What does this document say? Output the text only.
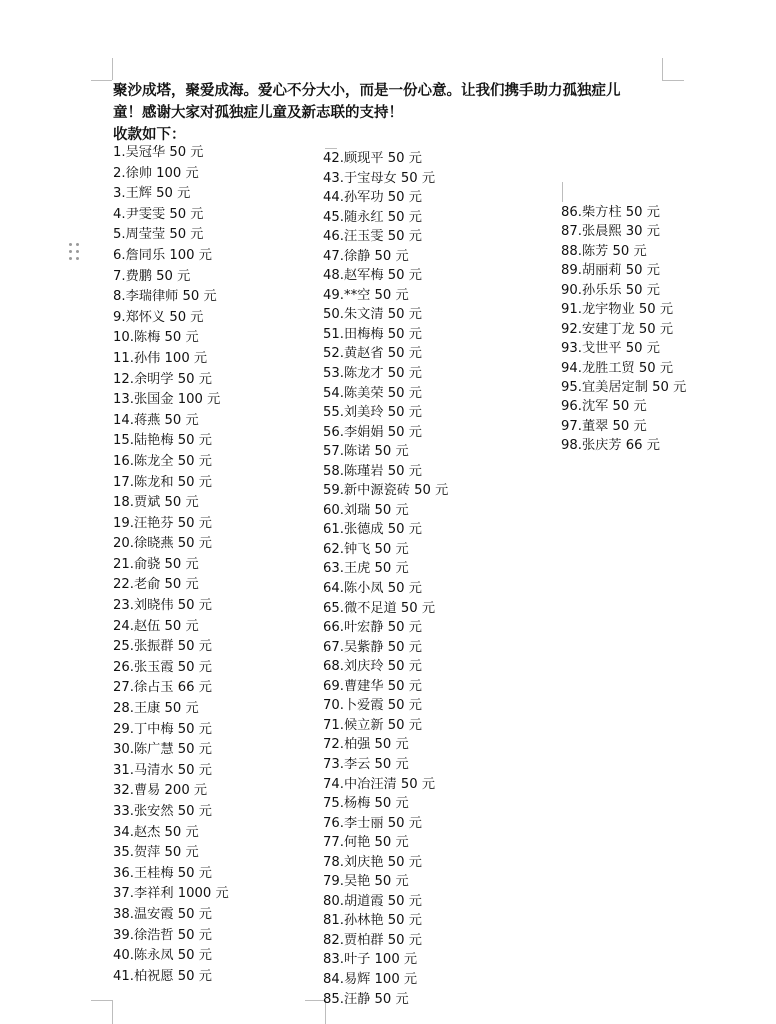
聚沙成塔，聚爱成海。爱心不分大小，而是一份心意。让我们携手助力孤独症儿

童！感谢大家对孤独症儿童及新志联的支持！

收款如下：

1.吴冠华 50 元
2.徐帅 100 元
3.王辉 50 元
4.尹雯雯 50 元
5.周莹莹 50 元
6.詹同乐 100 元
7.费鹏 50 元
8.李瑞律师 50 元
9.郑怀义 50 元
10.陈梅 50 元
11.孙伟 100 元
12.余明学 50 元
13.张国金 100 元
14.蒋燕 50 元
15.陆艳梅 50 元
16.陈龙全 50 元
17.陈龙和 50 元
18.贾斌 50 元
19.汪艳芬 50 元
20.徐晓燕 50 元
21.俞骁 50 元
22.老俞 50 元
23.刘晓伟 50 元
24.赵伍 50 元
25.张振群 50 元
26.张玉霞 50 元
27.徐占玉 66 元
28.王康 50 元
29.丁中梅 50 元
30.陈广慧 50 元
31.马清水 50 元
32.曹易 200 元
33.张安然 50 元
34.赵杰 50 元
35.贺萍 50 元
36.王桂梅 50 元
37.李祥利 1000 元
38.温安霞 50 元
39.徐浩哲 50 元
40.陈永凤 50 元
41.柏祝愿 50 元
42.顾现平 50 元
43.于宝母女 50 元
44.孙军功 50 元
45.随永红 50 元
46.汪玉雯 50 元
47.徐静 50 元
48.赵军梅 50 元
49.**空 50 元
50.朱文清 50 元
51.田梅梅 50 元
52.黄赵省 50 元
53.陈龙才 50 元
54.陈美荣 50 元
55.刘美玲 50 元
56.李娟娟 50 元
57.陈诺 50 元
58.陈瑾岩 50 元
59.新中源瓷砖 50 元
60.刘瑞 50 元
61.张德成 50 元
62.钟飞 50 元
63.王虎 50 元
64.陈小凤 50 元
65.微不足道 50 元
66.叶宏静 50 元
67.吴紫静 50 元
68.刘庆玲 50 元
69.曹建华 50 元
70.卜爱霞 50 元
71.候立新 50 元
72.柏强 50 元
73.李云 50 元
74.中冶汪清 50 元
75.杨梅 50 元
76.李士丽 50 元
77.何艳 50 元
78.刘庆艳 50 元
79.吴艳 50 元
80.胡道霞 50 元
81.孙林艳 50 元
82.贾柏群 50 元
83.叶子 100 元
84.易辉 100 元
85.汪静 50 元
86.柴方柱 50 元
87.张晨熙 30 元
88.陈芳 50 元
89.胡丽莉 50 元
90.孙乐乐 50 元
91.龙宇物业 50 元
92.安建丁龙 50 元
93.戈世平 50 元
94.龙胜工贸 50 元
95.宜美居定制 50 元
96.沈军 50 元
97.董翠 50 元
98.张庆芳 66 元
